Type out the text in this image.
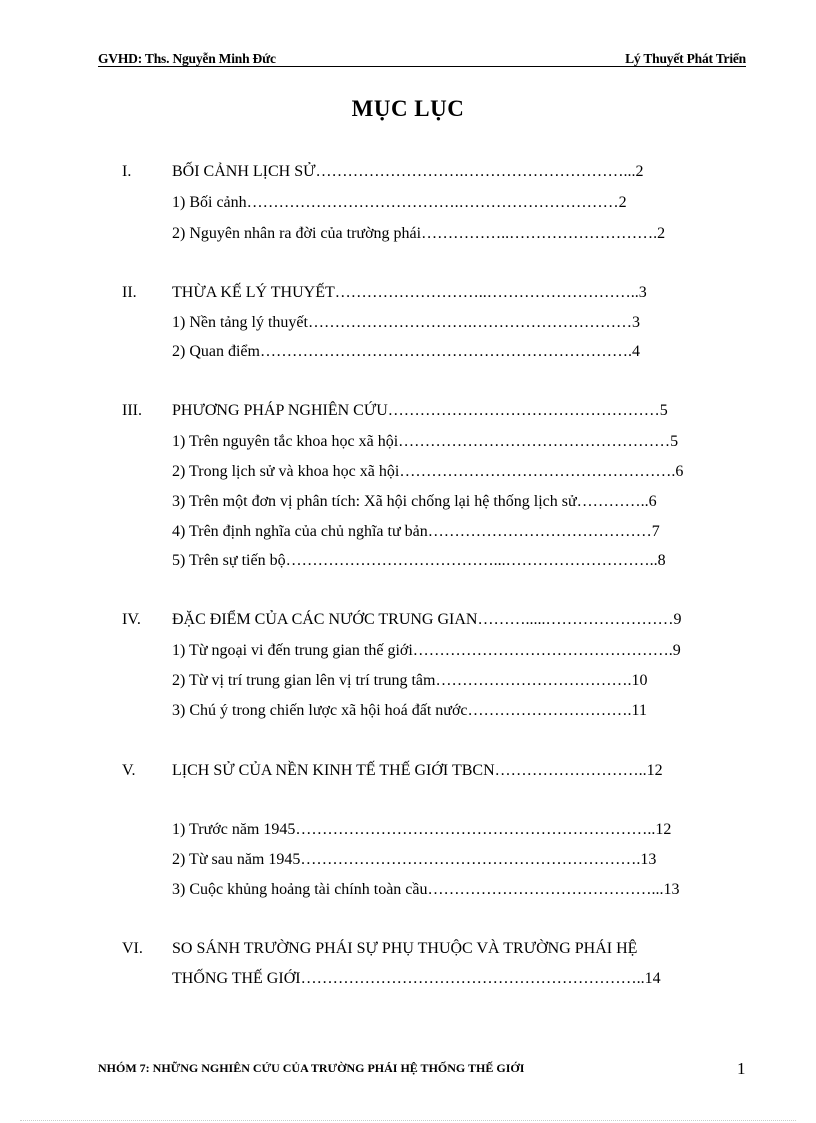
GVHD: Ths. Nguyễn Minh Đức	Lý Thuyết Phát Triển
MỤC LỤC
I.	BỐI CẢNH LỊCH SỬ……………………….…………………………...2
1) Bối cảnh………………………………….…………………………2
2) Nguyên nhân ra đời của trường phái……………..……………………….2
II. THỪA KẾ LÝ THUYẾT………………………..………………………..3
1) Nền tảng lý thuyết………………………….…………………………3
2) Quan điểm…………………………………………………………….4
III. PHƯƠNG PHÁP NGHIÊN CỨU……………………………………………5
1) Trên nguyên tắc khoa học xã hội……………………………………………5
2) Trong lịch sử và khoa học xã hội…………………………………………….6
3) Trên một đơn vị phân tích: Xã hội chống lại hệ thống lịch sử…………..6
4) Trên định nghĩa của chủ nghĩa tư bản……………………………………7
5) Trên sự tiến bộ…………………………………...………………………..8
IV. ĐẶC ĐIỂM CỦA CÁC NƯỚC TRUNG GIAN……….....……………………9
1) Từ ngoại vi đến trung gian thế giới………………………………………….9
2) Từ vị trí trung gian lên vị trí trung tâm……………………………….10
3) Chú ý trong chiến lược xã hội hoá đất nước………………………….11
V. LỊCH SỬ CỦA NỀN KINH TẾ THẾ GIỚI TBCN………………………..12
1) Trước năm 1945…………………………………………………………..12
2) Từ sau năm 1945……………………………………………………….13
3) Cuộc khủng hoảng tài chính toàn cầu……………………………………...13
VI. SO SÁNH TRƯỜNG PHÁI SỰ PHỤ THUỘC VÀ TRƯỜNG PHÁI HỆ
THỐNG THẾ GIỚI………………………………………………………..14
NHÓM 7: NHỮNG NGHIÊN CỨU CỦA TRƯỜNG PHÁI HỆ THỐNG THẾ GIỚI	1
